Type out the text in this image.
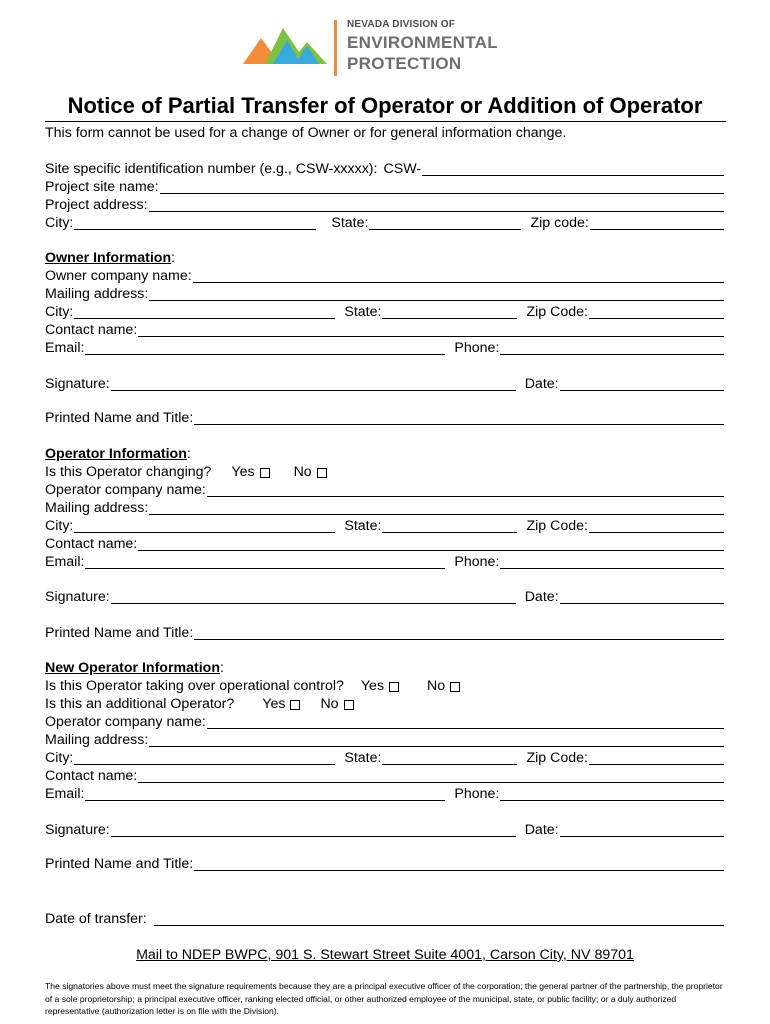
NEVADA DIVISION OF
ENVIRONMENTAL
PROTECTION
Notice of Partial Transfer of Operator or Addition of Operator
This form cannot be used for a change of Owner or for general information change.
Site specific identification number (e.g., CSW-xxxxx): CSW-
Project site name:
Project address:
City:	State:	Zip code:
Owner Information :
Owner company name:
Mailing address:
City:	State:	Zip Code:
Contact name:
Email:	Phone:
Signature:	Date:
Printed Name and Title:
Operator Information :
Is this Operator changing? Yes	No
Operator company name:
Mailing address:
City:	State:	Zip Code:
Contact name:
Email:	Phone:
Signature:	Date:
Printed Name and Title:
New Operator Information :
Is this Operator taking over operational control? Yes	No
Is this an additional Operator? Yes No
Operator company name:
Mailing address:
City:	State:	Zip Code:
Contact name:
Email:	Phone:
Signature:	Date:
Printed Name and Title:
Date of transfer:
Mail to NDEP BWPC, 901 S. Stewart Street Suite 4001, Carson City, NV 89701
The signatories above must meet the signature requirements because they are a principal executive officer of the corporation; the general partner of the partnership, the proprietor of a sole proprietorship; a principal executive officer, ranking elected official, or other authorized employee of the municipal, state, or public facility; or a duly authorized representative (authorization letter is on file with the Division).
